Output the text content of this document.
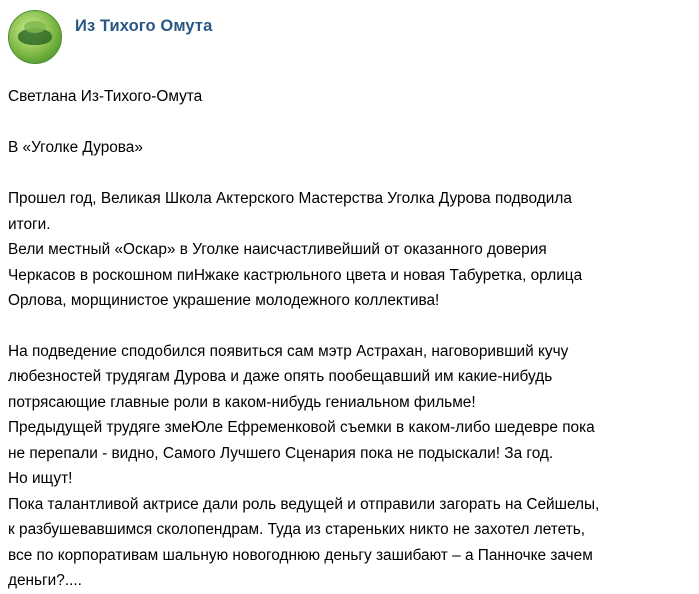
Из Тихого Омута
Светлана Из-Тихого-Омута
В «Уголке Дурова»
Прошел год, Великая Школа Актерского Мастерства Уголка Дурова подводила
итоги.
Вели местный «Оскар» в Уголке наисчастливейший от оказанного доверия
Черкасов в роскошном пиНжаке кастрюльного цвета и новая Табуретка, орлица
Орлова, морщинистое украшение молодежного коллектива!
На подведение сподобился появиться сам мэтр Астрахан, наговоривший кучу
любезностей трудягам Дурова и даже опять пообещавший им какие-нибудь
потрясающие главные роли в каком-нибудь гениальном фильме!
Предыдущей трудяге змеЮле Ефременковой съемки в каком-либо шедевре пока
не перепали - видно, Самого Лучшего Сценария пока не подыскали! За год.
Но ищут!
Пока талантливой актрисе дали роль ведущей и отправили загорать на Сейшелы,
к разбушевавшимся сколопендрам. Туда из стареньких никто не захотел лететь,
все по корпоративам шальную новогоднюю деньгу зашибают – а Панночке зачем
деньги?....
